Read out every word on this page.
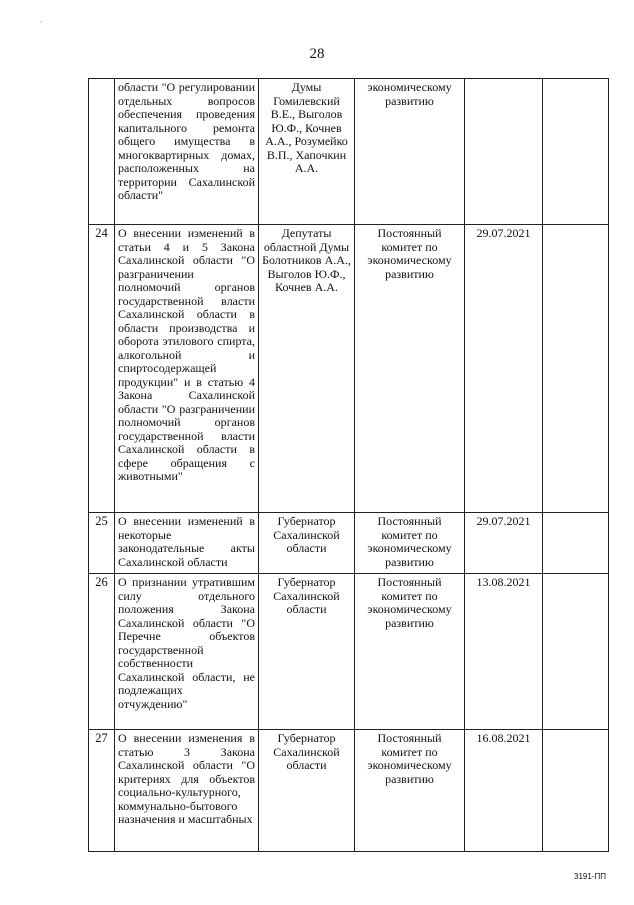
·
28
	области "О регулировании отдельных вопросов обеспечения проведения капитального ремонта общего имущества в многоквартирных домах, расположенных на территории Сахалинской области"	Думы Гомилевский В.Е., Выголов Ю.Ф., Кочнев А.А., Розумейко В.П., Хапочкин А.А.	экономическому развитию		
24	О внесении изменений в статьи 4 и 5 Закона Сахалинской области "О разграничении полномочий органов государственной власти Сахалинской области в области производства и оборота этилового спирта, алкогольной и спиртосодержащей продукции" и в статью 4 Закона Сахалинской области "О разграничении полномочий органов государственной власти Сахалинской области в сфере обращения с животными"	Депутаты областной Думы Болотников А.А., Выголов Ю.Ф., Кочнев А.А.	Постоянный комитет по экономическому развитию	29.07.2021	
25	О внесении изменений в некоторые законодательные акты Сахалинской области	Губернатор Сахалинской области	Постоянный комитет по экономическому развитию	29.07.2021	
26	О признании утратившим силу отдельного положения Закона Сахалинской области "О Перечне объектов государственной собственности Сахалинской области, не подлежащих отчуждению"	Губернатор Сахалинской области	Постоянный комитет по экономическому развитию	13.08.2021	
27	О внесении изменения в статью 3 Закона Сахалинской области "О критериях для объектов социально-культурного, коммунально-бытового назначения и масштабных	Губернатор Сахалинской области	Постоянный комитет по экономическому развитию	16.08.2021	
3191-ПП
